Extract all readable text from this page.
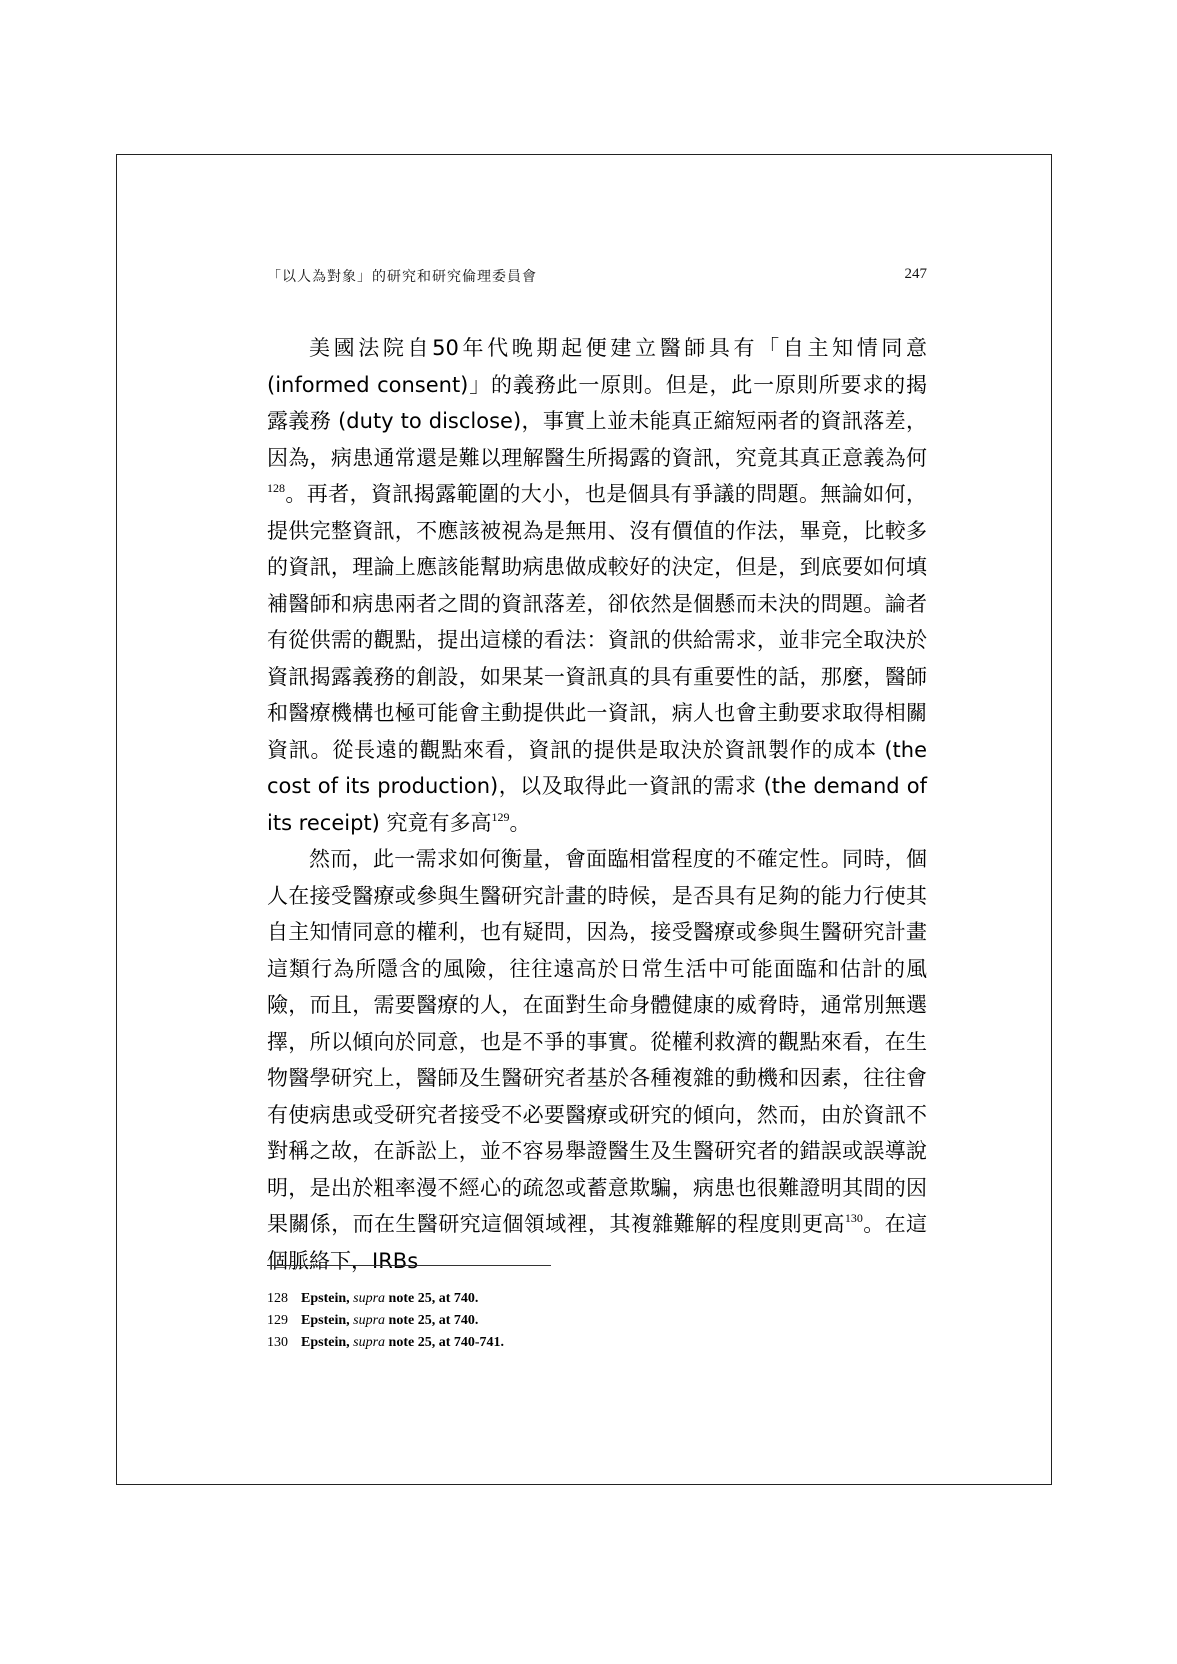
「以人為對象」的研究和研究倫理委員會	247

美國法院自50年代晚期起便建立醫師具有「自主知情同意 (informed consent)」的義務此一原則。但是，此一原則所要求的揭露義務 (duty to disclose)，事實上並未能真正縮短兩者的資訊落差，因為，病患通常還是難以理解醫生所揭露的資訊，究竟其真正意義為何$^{128}$。再者，資訊揭露範圍的大小，也是個具有爭議的問題。無論如何，提供完整資訊，不應該被視為是無用、沒有價值的作法，畢竟，比較多的資訊，理論上應該能幫助病患做成較好的決定，但是，到底要如何填補醫師和病患兩者之間的資訊落差，卻依然是個懸而未決的問題。論者有從供需的觀點，提出這樣的看法：資訊的供給需求，並非完全取決於資訊揭露義務的創設，如果某一資訊真的具有重要性的話，那麼，醫師和醫療機構也極可能會主動提供此一資訊，病人也會主動要求取得相關資訊。從長遠的觀點來看，資訊的提供是取決於資訊製作的成本 (the cost of its production)，以及取得此一資訊的需求 (the demand of its receipt) 究竟有多高$^{129}$。

然而，此一需求如何衡量，會面臨相當程度的不確定性。同時，個人在接受醫療或參與生醫研究計畫的時候，是否具有足夠的能力行使其自主知情同意的權利，也有疑問，因為，接受醫療或參與生醫研究計畫這類行為所隱含的風險，往往遠高於日常生活中可能面臨和估計的風險，而且，需要醫療的人，在面對生命身體健康的威脅時，通常別無選擇，所以傾向於同意，也是不爭的事實。從權利救濟的觀點來看，在生物醫學研究上，醫師及生醫研究者基於各種複雜的動機和因素，往往會有使病患或受研究者接受不必要醫療或研究的傾向，然而，由於資訊不對稱之故，在訴訟上，並不容易舉證醫生及生醫研究者的錯誤或誤導說明，是出於粗率漫不經心的疏忽或蓄意欺騙，病患也很難證明其間的因果關係，而在生醫研究這個領域裡，其複雜難解的程度則更高$^{130}$。在這個脈絡下，IRBs

128 Epstein, supra note 25, at 740.
129 Epstein, supra note 25, at 740.
130 Epstein, supra note 25, at 740-741.
